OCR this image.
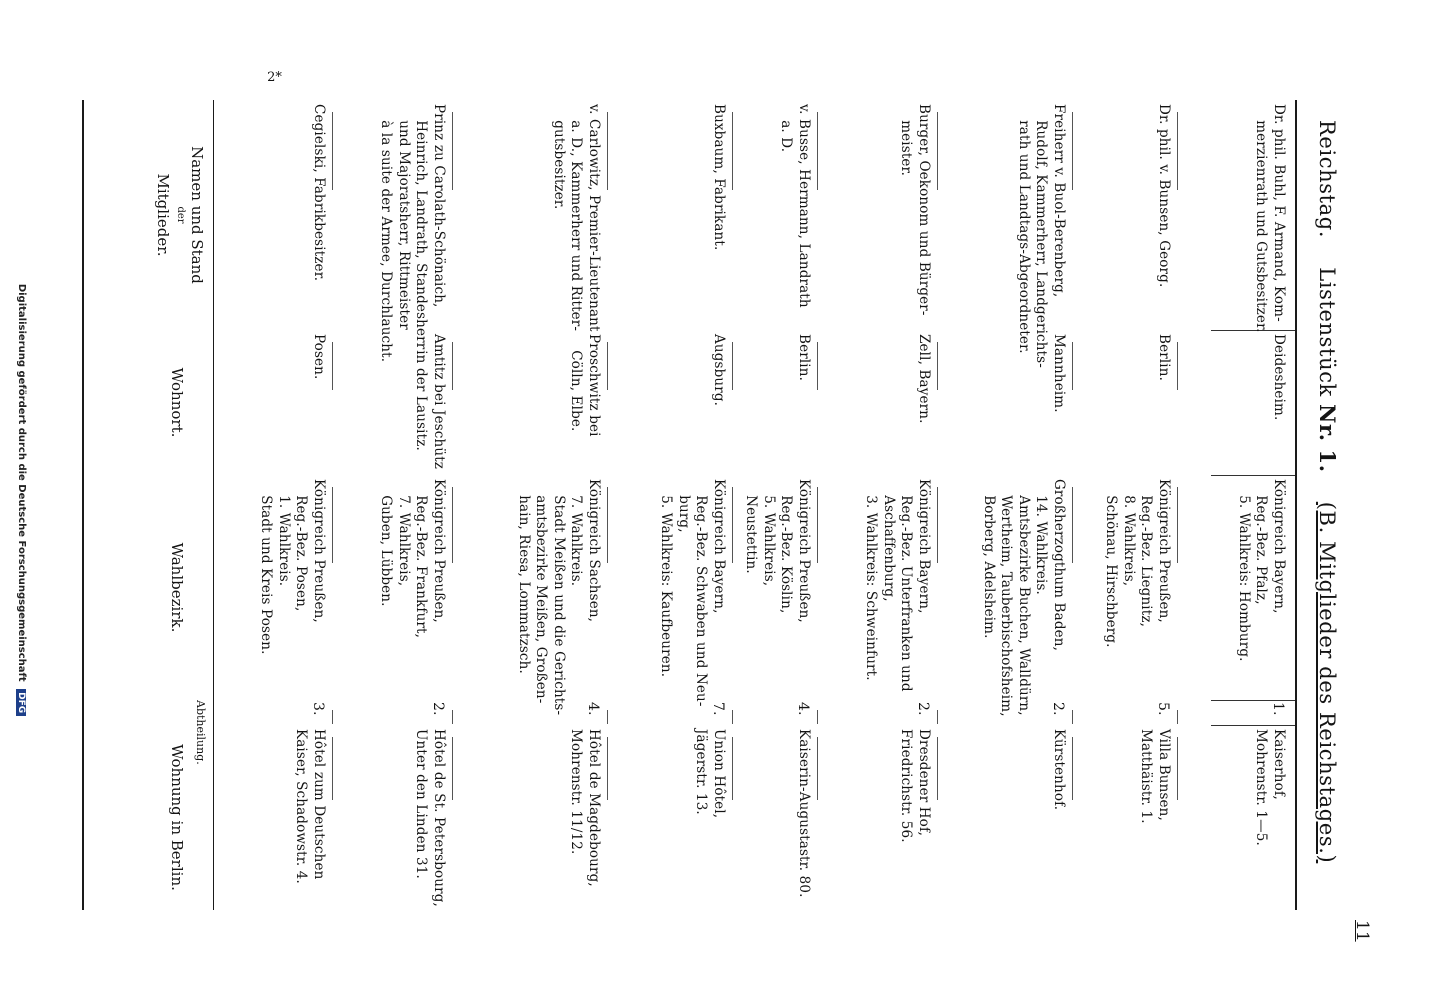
11
Reichstag.    Listenstück Nr. 1.    (B. Mitglieder des Reichstages.)
Namen und Stand
der
Mitglieder.
Wohnort.
Wahlbezirk.
Abtheilung.
Wohnung in Berlin.
Dr. phil. Buhl, F. Armand, Kom-
merzienrath und Gutsbesitzer.
Deidesheim.
Königreich Bayern,
Reg.-Bez. Pfalz,
5. Wahlkreis: Homburg.
1.
Kaiserhof,
Mohrenstr. 1—5.
Dr. phil. v. Bunsen, Georg.
Berlin.
Königreich Preußen,
Reg.-Bez. Liegnitz,
8. Wahlkreis,
Schönau, Hirschberg.
5.
Villa Bunsen,
Matthäistr. 1.
Freiherr v. Buol-Berenberg,
Rudolf, Kammerherr, Landgerichts-
rath und Landtags-Abgeordneter.
Mannheim.
Großherzogthum Baden,
14. Wahlkreis.
Amtsbezirke Buchen, Walldürn,
Wertheim, Tauberbischofsheim,
Borberg, Adelsheim.
2.
Kürstenhof.
Burger, Oekonom und Bürger-
meister.
Zell, Bayern.
Königreich Bayern,
Reg.-Bez. Unterfranken und
Aschaffenburg,
3. Wahlkreis: Schweinfurt.
2.
Dresdener Hof,
Friedrichstr. 56.
v. Busse, Hermann, Landrath
a. D.
Berlin.
Königreich Preußen,
Reg.-Bez. Köslin,
5. Wahlkreis,
Neustettin.
4.
Kaiserin-Augustastr. 80.
Buxbaum, Fabrikant.
Augsburg.
Königreich Bayern,
Reg.-Bez. Schwaben und Neu-
burg,
5. Wahlkreis: Kaufbeuren.
7.
Union Hôtel,
Jägerstr. 13.
v. Carlowitz, Premier-Lieutenant
a. D., Kammerherr und Ritter-
gutsbesitzer.
Proschwitz bei
Cölln, Elbe.
Königreich Sachsen,
7. Wahlkreis.
Stadt Meißen und die Gerichts-
amtsbezirke Meißen, Großen-
hain, Riesa, Lommatzsch.
4.
Hôtel de Magdebourg,
Mohrenstr. 11/12.
Prinz zu Carolath-Schönaich,
Heinrich, Landrath, Standesherr
und Majoratsherr, Rittmeister
à la suite der Armee, Durchlaucht.
Amtitz bei Jeschütz
in der Lausitz.
Königreich Preußen,
Reg.-Bez. Frankfurt,
7. Wahlkreis,
Guben, Lübben.
2.
Hôtel de St. Petersbourg,
Unter den Linden 31.
Cegielski, Fabrikbesitzer.
Posen.
Königreich Preußen,
Reg.-Bez. Posen,
1. Wahlkreis.
Stadt und Kreis Posen.
3.
Hôtel zum Deutschen
Kaiser, Schadowstr. 4.
2*
Digitalisierung gefördert durch die Deutsche Forschungsgemeinschaft DFG
